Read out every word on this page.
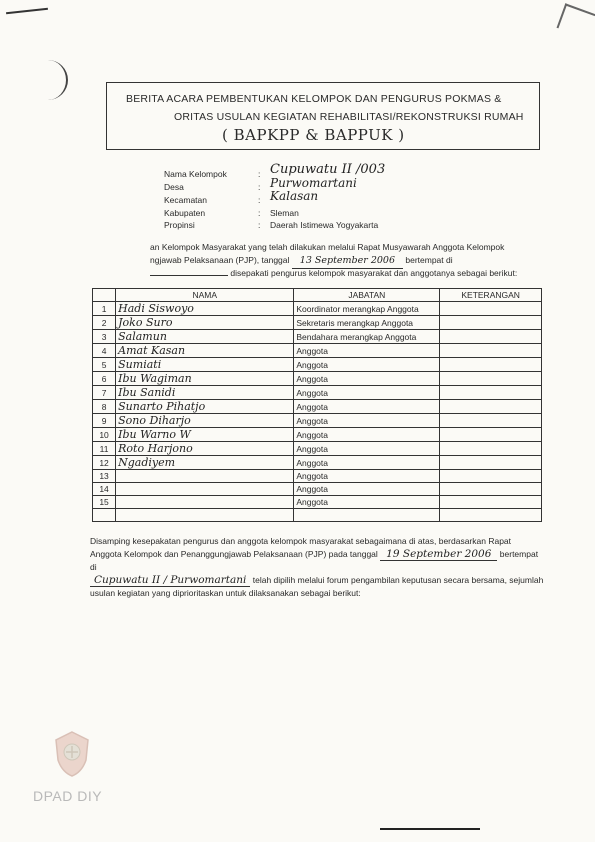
BERITA ACARA PEMBENTUKAN KELOMPOK DAN PENGURUS POKMAS &
ORITAS USULAN KEGIATAN REHABILITASI/REKONSTRUKSI RUMAH
( BAPKPP & BAPPUK )
Nama Kelompok	: Cupuwatu II /003
Desa	: Purwomartani
Kecamatan	: Kalasan
Kabupaten	: Sleman
Propinsi	: Daerah Istimewa Yogyakarta
an Kelompok Masyarakat yang telah dilakukan melalui Rapat Musyawarah Anggota Kelompok
ngjawab Pelaksanaan (PJP), tanggal 13 September 2006 bertempat di
disepakati pengurus kelompok masyarakat dan anggotanya sebagai berikut:
	NAMA	JABATAN	KETERANGAN
1	Hadi Siswoyo	Koordinator merangkap Anggota	
2	Joko Suro	Sekretaris merangkap Anggota	
3	Salamun	Bendahara merangkap Anggota	
4	Amat Kasan	Anggota	
5	Sumiati	Anggota	
6	Ibu Wagiman	Anggota	
7	Ibu Sanidi	Anggota	
8	Sunarto Pihatjo	Anggota	
9	Sono Diharjo	Anggota	
10	Ibu Warno W	Anggota	
11	Roto Harjono	Anggota	
12	Ngadiyem	Anggota	
13		Anggota	
14		Anggota	
15		Anggota	

Disamping kesepakatan pengurus dan anggota kelompok masyarakat sebagaimana di atas, berdasarkan Rapat
Anggota Kelompok dan Penanggungjawab Pelaksanaan (PJP) pada tanggal 19 September 2006 bertempat di
Cupuwatu II / Purwomartani telah dipilih melalui forum pengambilan keputusan secara bersama, sejumlah
usulan kegiatan yang diprioritaskan untuk dilaksanakan sebagai berikut:
DPAD DIY
